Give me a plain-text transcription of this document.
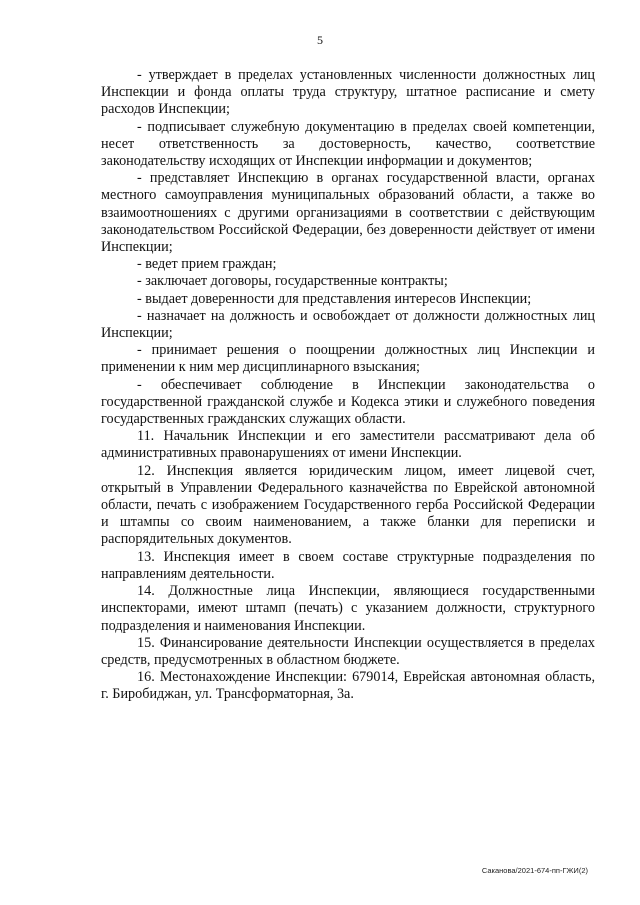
5

- утверждает в пределах установленных численности должностных лиц Инспекции и фонда оплаты труда структуру, штатное расписание и смету расходов Инспекции;

- подписывает служебную документацию в пределах своей компетенции, несет ответственность за достоверность, качество, соответствие законодательству исходящих от Инспекции информации и документов;

- представляет Инспекцию в органах государственной власти, органах местного самоуправления муниципальных образований области, а также во взаимоотношениях с другими организациями в соответствии с действующим законодательством Российской Федерации, без доверенности действует от имени Инспекции;

- ведет прием граждан;

- заключает договоры, государственные контракты;

- выдает доверенности для представления интересов Инспекции;

- назначает на должность и освобождает от должности должностных лиц Инспекции;

- принимает решения о поощрении должностных лиц Инспекции и применении к ним мер дисциплинарного взыскания;

- обеспечивает соблюдение в Инспекции законодательства о государственной гражданской службе и Кодекса этики и служебного поведения государственных гражданских служащих области.

11. Начальник Инспекции и его заместители рассматривают дела об административных правонарушениях от имени Инспекции.

12. Инспекция является юридическим лицом, имеет лицевой счет, открытый в Управлении Федерального казначейства по Еврейской автономной области, печать с изображением Государственного герба Российской Федерации и штампы со своим наименованием, а также бланки для переписки и распорядительных документов.

13. Инспекция имеет в своем составе структурные подразделения по направлениям деятельности.

14. Должностные лица Инспекции, являющиеся государственными инспекторами, имеют штамп (печать) с указанием должности, структурного подразделения и наименования Инспекции.

15. Финансирование деятельности Инспекции осуществляется в пределах средств, предусмотренных в областном бюджете.

16. Местонахождение Инспекции: 679014, Еврейская автономная область, г. Биробиджан, ул. Трансформаторная, 3а.

Саканова/2021-674-пп-ГЖИ(2)
